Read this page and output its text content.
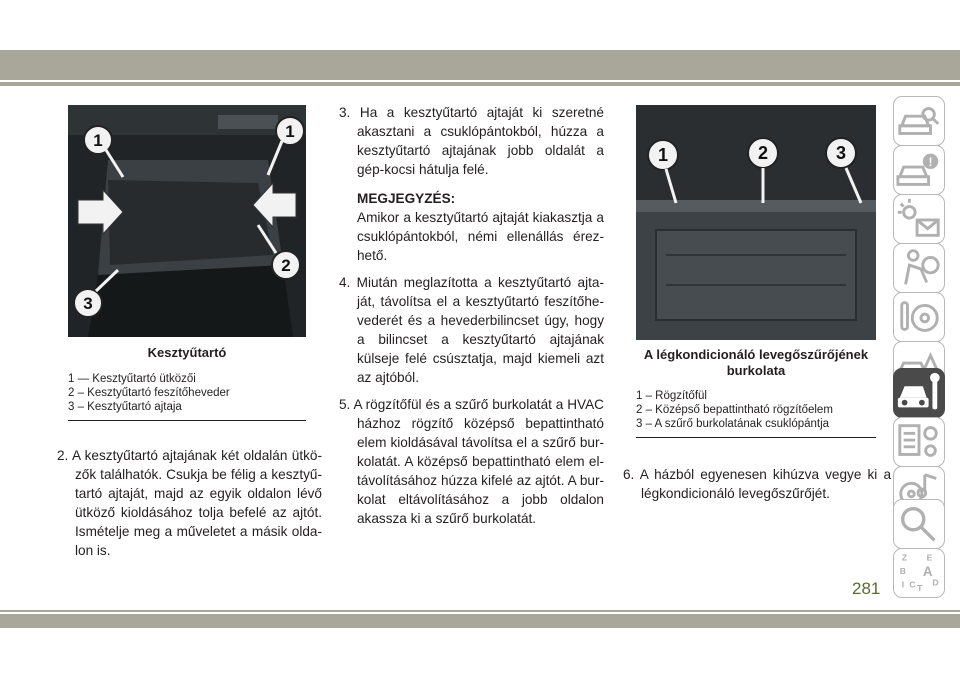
1	1
2
3
Kesztyűtartó
1 — Kesztyűtartó ütközői
2 – Kesztyűtartó feszítőheveder
3 – Kesztyűtartó ajtaja

2. A kesztyűtartó ajtajának két oldalán ütkö-zők találhatók. Csukja be félig a kesztyű-tartó ajtaját, majd az egyik oldalon lévő ütköző kioldásához tolja befelé az ajtót. Ismételje meg a műveletet a másik olda-lon is.

3. Ha a kesztyűtartó ajtaját ki szeretné akasztani a csuklópántokból, húzza a kesztyűtartó ajtajának jobb oldalát a gép-kocsi hátulja felé.

MEGJEGYZÉS:

Amikor a kesztyűtartó ajtaját kiakasztja a csuklópántokból, némi ellenállás érez-hető.

4. Miután meglazította a kesztyűtartó ajta-ját, távolítsa el a kesztyűtartó feszítőhe-vederét és a hevederbilincset úgy, hogy a bilincset a kesztyűtartó ajtajának külseje felé csúsztatja, majd kiemeli azt az ajtóból.

5. A rögzítőfül és a szűrő burkolatát a HVAC házhoz rögzítő középső bepattintható elem kioldásával távolítsa el a szűrő bur-kolatát. A középső bepattintható elem el-távolításához húzza kifelé az ajtót. A bur-kolat eltávolításához a jobb oldalon akassza ki a szűrő burkolatát.

1	2	3
A légkondicionáló levegőszűrőjének
burkolata
1 – Rögzítőfül
2 – Középső bepattintható rögzítőelem
3 – A szűrő burkolatának csuklópántja

6. A házból egyenesen kihúzva vegye ki a légkondicionáló levegőszűrőjét.

!
Z E
B A
I C T
D
281
